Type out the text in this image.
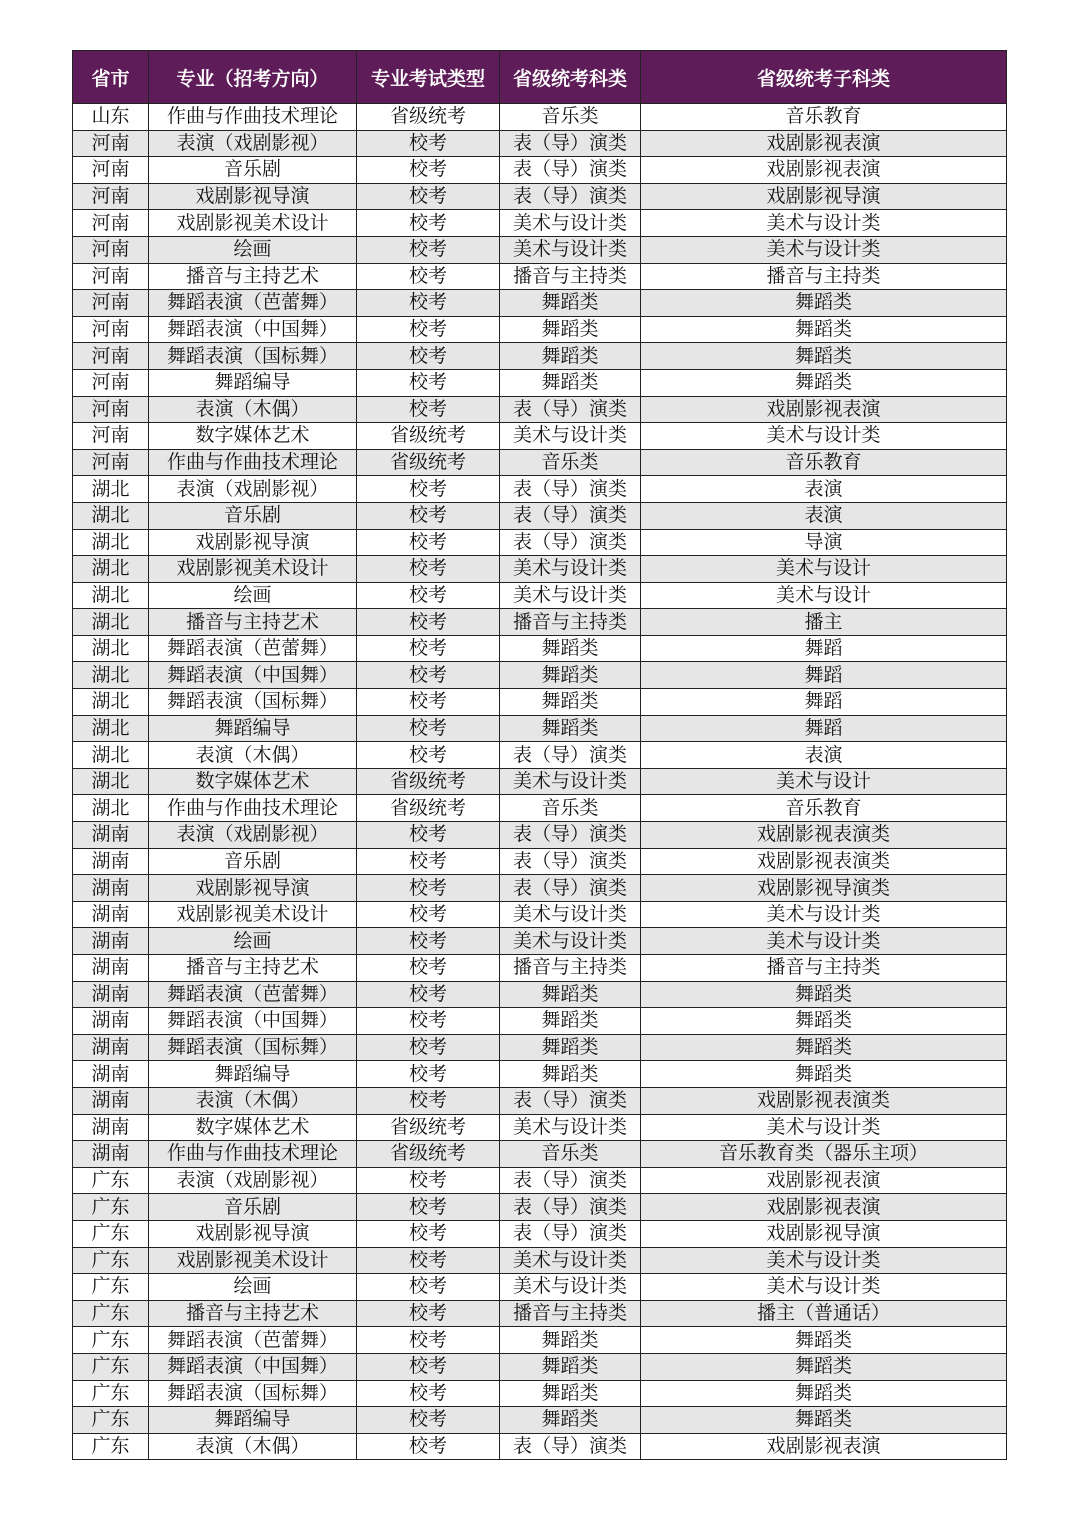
省市	专业（招考方向）	专业考试类型	省级统考科类	省级统考子科类
山东	作曲与作曲技术理论	省级统考	音乐类	音乐教育
河南	表演（戏剧影视）	校考	表（导）演类	戏剧影视表演
河南	音乐剧	校考	表（导）演类	戏剧影视表演
河南	戏剧影视导演	校考	表（导）演类	戏剧影视导演
河南	戏剧影视美术设计	校考	美术与设计类	美术与设计类
河南	绘画	校考	美术与设计类	美术与设计类
河南	播音与主持艺术	校考	播音与主持类	播音与主持类
河南	舞蹈表演（芭蕾舞）	校考	舞蹈类	舞蹈类
河南	舞蹈表演（中国舞）	校考	舞蹈类	舞蹈类
河南	舞蹈表演（国标舞）	校考	舞蹈类	舞蹈类
河南	舞蹈编导	校考	舞蹈类	舞蹈类
河南	表演（木偶）	校考	表（导）演类	戏剧影视表演
河南	数字媒体艺术	省级统考	美术与设计类	美术与设计类
河南	作曲与作曲技术理论	省级统考	音乐类	音乐教育
湖北	表演（戏剧影视）	校考	表（导）演类	表演
湖北	音乐剧	校考	表（导）演类	表演
湖北	戏剧影视导演	校考	表（导）演类	导演
湖北	戏剧影视美术设计	校考	美术与设计类	美术与设计
湖北	绘画	校考	美术与设计类	美术与设计
湖北	播音与主持艺术	校考	播音与主持类	播主
湖北	舞蹈表演（芭蕾舞）	校考	舞蹈类	舞蹈
湖北	舞蹈表演（中国舞）	校考	舞蹈类	舞蹈
湖北	舞蹈表演（国标舞）	校考	舞蹈类	舞蹈
湖北	舞蹈编导	校考	舞蹈类	舞蹈
湖北	表演（木偶）	校考	表（导）演类	表演
湖北	数字媒体艺术	省级统考	美术与设计类	美术与设计
湖北	作曲与作曲技术理论	省级统考	音乐类	音乐教育
湖南	表演（戏剧影视）	校考	表（导）演类	戏剧影视表演类
湖南	音乐剧	校考	表（导）演类	戏剧影视表演类
湖南	戏剧影视导演	校考	表（导）演类	戏剧影视导演类
湖南	戏剧影视美术设计	校考	美术与设计类	美术与设计类
湖南	绘画	校考	美术与设计类	美术与设计类
湖南	播音与主持艺术	校考	播音与主持类	播音与主持类
湖南	舞蹈表演（芭蕾舞）	校考	舞蹈类	舞蹈类
湖南	舞蹈表演（中国舞）	校考	舞蹈类	舞蹈类
湖南	舞蹈表演（国标舞）	校考	舞蹈类	舞蹈类
湖南	舞蹈编导	校考	舞蹈类	舞蹈类
湖南	表演（木偶）	校考	表（导）演类	戏剧影视表演类
湖南	数字媒体艺术	省级统考	美术与设计类	美术与设计类
湖南	作曲与作曲技术理论	省级统考	音乐类	音乐教育类（器乐主项）
广东	表演（戏剧影视）	校考	表（导）演类	戏剧影视表演
广东	音乐剧	校考	表（导）演类	戏剧影视表演
广东	戏剧影视导演	校考	表（导）演类	戏剧影视导演
广东	戏剧影视美术设计	校考	美术与设计类	美术与设计类
广东	绘画	校考	美术与设计类	美术与设计类
广东	播音与主持艺术	校考	播音与主持类	播主（普通话）
广东	舞蹈表演（芭蕾舞）	校考	舞蹈类	舞蹈类
广东	舞蹈表演（中国舞）	校考	舞蹈类	舞蹈类
广东	舞蹈表演（国标舞）	校考	舞蹈类	舞蹈类
广东	舞蹈编导	校考	舞蹈类	舞蹈类
广东	表演（木偶）	校考	表（导）演类	戏剧影视表演
